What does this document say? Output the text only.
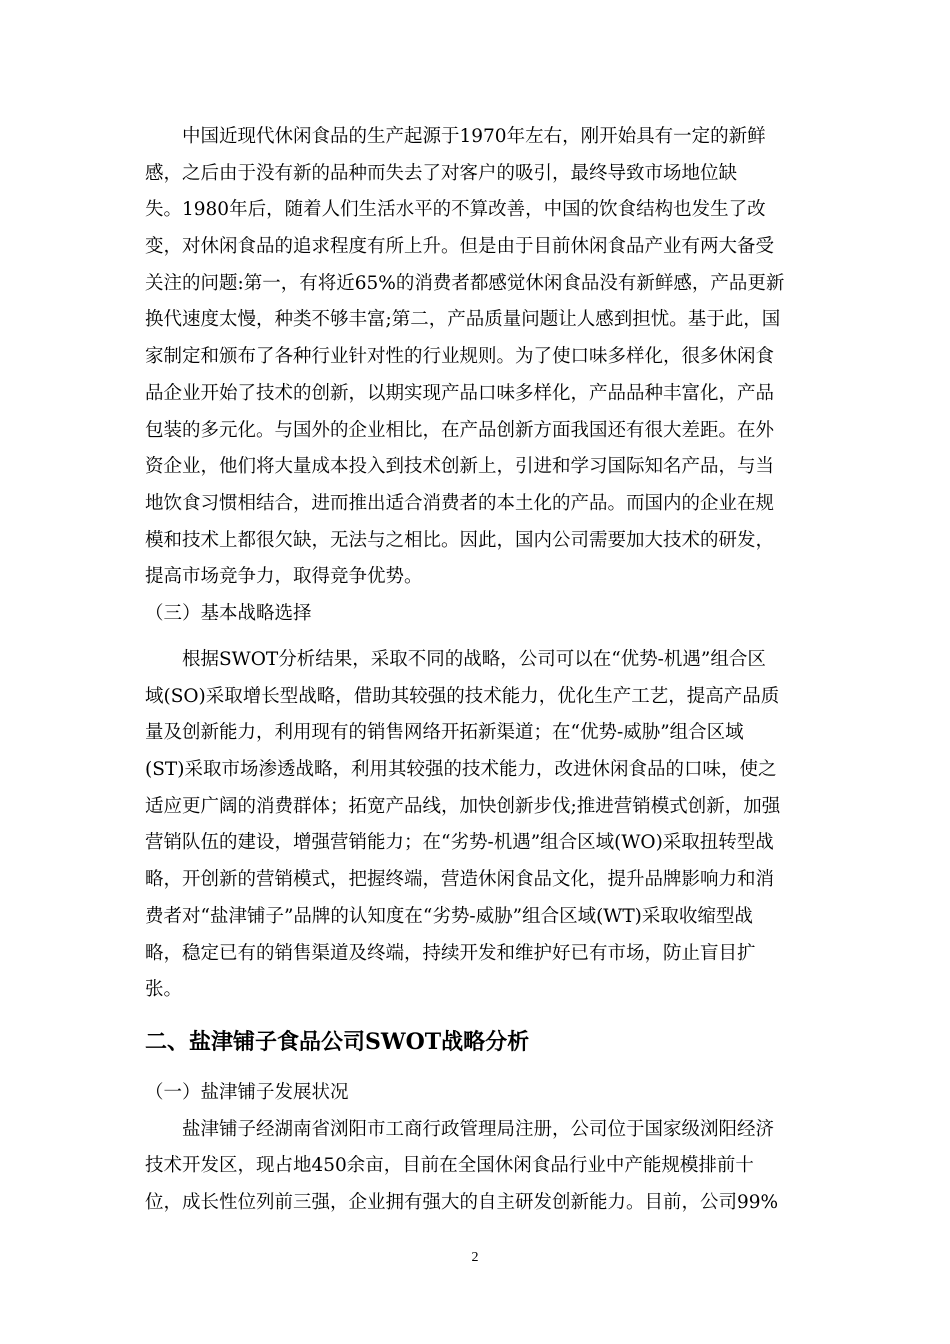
中国近现代休闲食品的生产起源于1970年左右，刚开始具有一定的新鲜
感，之后由于没有新的品种而失去了对客户的吸引，最终导致市场地位缺
失。1980年后，随着人们生活水平的不算改善，中国的饮食结构也发生了改
变，对休闲食品的追求程度有所上升。但是由于目前休闲食品产业有两大备受
关注的问题:第一，有将近65%的消费者都感觉休闲食品没有新鲜感，产品更新
换代速度太慢，种类不够丰富;第二，产品质量问题让人感到担忧。基于此，国
家制定和颁布了各种行业针对性的行业规则。为了使口味多样化，很多休闲食
品企业开始了技术的创新，以期实现产品口味多样化，产品品种丰富化，产品
包装的多元化。与国外的企业相比，在产品创新方面我国还有很大差距。在外
资企业，他们将大量成本投入到技术创新上，引进和学习国际知名产品，与当
地饮食习惯相结合，进而推出适合消费者的本土化的产品。而国内的企业在规
模和技术上都很欠缺，无法与之相比。因此，国内公司需要加大技术的研发，
提高市场竞争力，取得竞争优势。
（三）基本战略选择
根据SWOT分析结果，采取不同的战略，公司可以在“优势-机遇”组合区
域(SO)采取增长型战略，借助其较强的技术能力，优化生产工艺，提高产品质
量及创新能力，利用现有的销售网络开拓新渠道；在“优势-威胁”组合区域
(ST)采取市场渗透战略，利用其较强的技术能力，改进休闲食品的口味，使之
适应更广阔的消费群体；拓宽产品线，加快创新步伐;推进营销模式创新，加强
营销队伍的建设，增强营销能力；在“劣势-机遇”组合区域(WO)采取扭转型战
略，开创新的营销模式，把握终端，营造休闲食品文化，提升品牌影响力和消
费者对“盐津铺子”品牌的认知度在“劣势-威胁”组合区域(WT)采取收缩型战
略，稳定已有的销售渠道及终端，持续开发和维护好已有市场，防止盲目扩
张。
二、盐津铺子食品公司SWOT战略分析
（一）盐津铺子发展状况
盐津铺子经湖南省浏阳市工商行政管理局注册，公司位于国家级浏阳经济
技术开发区，现占地450余亩，目前在全国休闲食品行业中产能规模排前十
位，成长性位列前三强，企业拥有强大的自主研发创新能力。目前，公司99%
2
